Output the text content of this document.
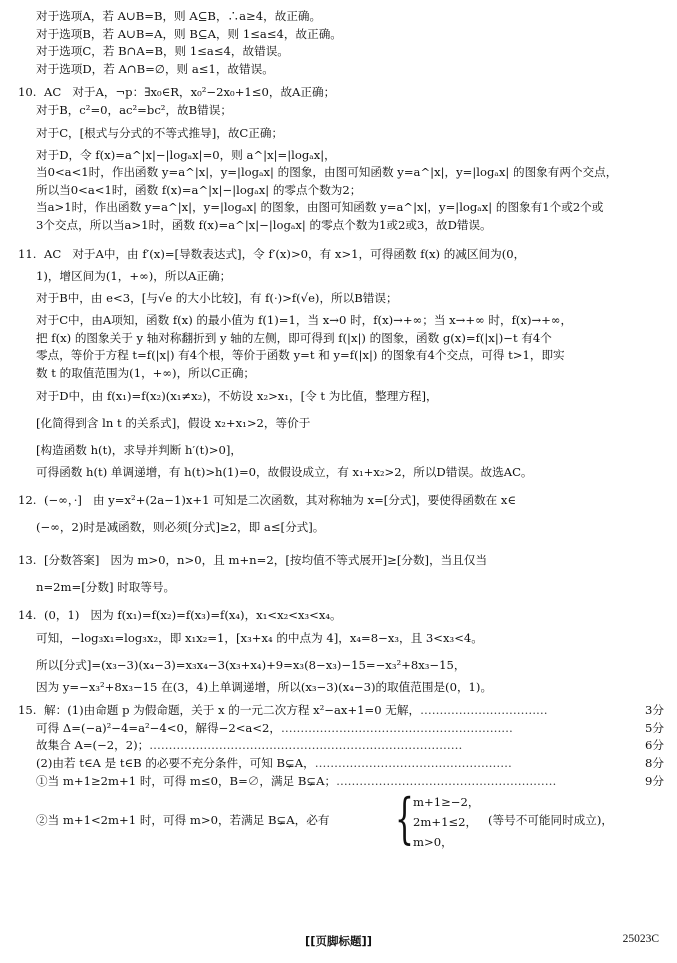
对于选项A，若 A∪B=B，则 A⊆B，∴a≥4，故正确。
对于选项B，若 A∪B=A，则 B⊆A，则 1≤a≤4，故正确。
对于选项C，若 B∩A=B，则 1≤a≤4，故错误。
对于选项D，若 A∩B=∅，则 a≤1，故错误。
10. AC 对于A，¬p：∃x₀∈R，x₀²−2x₀+1≤0，故A正确；
对于B，c²=0，ac²=bc²，故B错误；
对于C，[根式与分式的不等式推导]，故C正确；
对于D，令 f(x)=a^|x|−|logₐx|=0，则 a^|x|=|logₐx|，
当0<a<1时，作出函数 y=a^|x|，y=|logₐx| 的图象，由图可知函数 y=a^|x|，y=|logₐx| 的图象有两个交点，
所以当0<a<1时，函数 f(x)=a^|x|−|logₐx| 的零点个数为2；
当a>1时，作出函数 y=a^|x|，y=|logₐx| 的图象，由图可知函数 y=a^|x|，y=|logₐx| 的图象有1个或2个或
3个交点，所以当a>1时，函数 f(x)=a^|x|−|logₐx| 的零点个数为1或2或3，故D错误。
11. AC 对于A中，由 f′(x)=[导数表达式]，令 f′(x)>0，有 x>1，可得函数 f(x) 的减区间为(0，
1)，增区间为(1，+∞)，所以A正确；
对于B中，由 e<3，[与√e 的大小比较]，有 f(·)>f(√e)，所以B错误；
对于C中，由A项知，函数 f(x) 的最小值为 f(1)=1，当 x→0 时，f(x)→+∞；当 x→+∞ 时，f(x)→+∞，
把 f(x) 的图象关于 y 轴对称翻折到 y 轴的左侧，即可得到 f(|x|) 的图象，函数 g(x)=f(|x|)−t 有4个
零点，等价于方程 t=f(|x|) 有4个根，等价于函数 y=t 和 y=f(|x|) 的图象有4个交点，可得 t>1，即实
数 t 的取值范围为(1，+∞)，所以C正确；
对于D中，由 f(x₁)=f(x₂)(x₁≠x₂)，不妨设 x₂>x₁，[令 t 为比值，整理方程]，
[化简得到含 ln t 的关系式]，假设 x₂+x₁>2，等价于
[构造函数 h(t)，求导并判断 h′(t)>0]，
可得函数 h(t) 单调递增，有 h(t)>h(1)=0，故假设成立，有 x₁+x₂>2，所以D错误。故选AC。
12. (−∞，·] 由 y=x²+(2a−1)x+1 可知是二次函数，其对称轴为 x=[分式]，要使得函数在 x∈
(−∞，2)时是减函数，则必须[分式]≥2，即 a≤[分式]。
13. [分数答案] 因为 m>0，n>0，且 m+n=2，[按均值不等式展开]≥[分数]，当且仅当
n=2m=[分数] 时取等号。
14. (0，1) 因为 f(x₁)=f(x₂)=f(x₃)=f(x₄)，x₁<x₂<x₃<x₄。
可知，−log₃x₁=log₃x₂，即 x₁x₂=1，[x₃+x₄ 的中点为 4]，x₄=8−x₃，且 3<x₃<4。
所以[分式]=(x₃−3)(x₄−3)=x₃x₄−3(x₃+x₄)+9=x₃(8−x₃)−15=−x₃²+8x₃−15，
因为 y=−x₃²+8x₃−15 在(3，4)上单调递增，所以(x₃−3)(x₄−3)的取值范围是(0，1)。
15. 解：(1)由命题 p 为假命题，关于 x 的一元二次方程 x²−ax+1=0 无解，……………………………	3分
可得 Δ=(−a)²−4=a²−4<0，解得−2<a<2，……………………………………………………	5分
故集合 A=(−2，2)；………………………………………………………………………	6分
(2)由若 t∈A 是 t∈B 的必要不充分条件，可知 B⊊A，……………………………………………	8分
①当 m+1≥2m+1 时，可得 m≤0，B=∅，满足 B⊊A；…………………………………………………	9分
②当 m+1<2m+1 时，可得 m>0，若满足 B⊊A，必有 { m+1≥−2，
2m+1≤2，
m>0，
(等号不可能同时成立)，
[[页脚标题]]	25023C
